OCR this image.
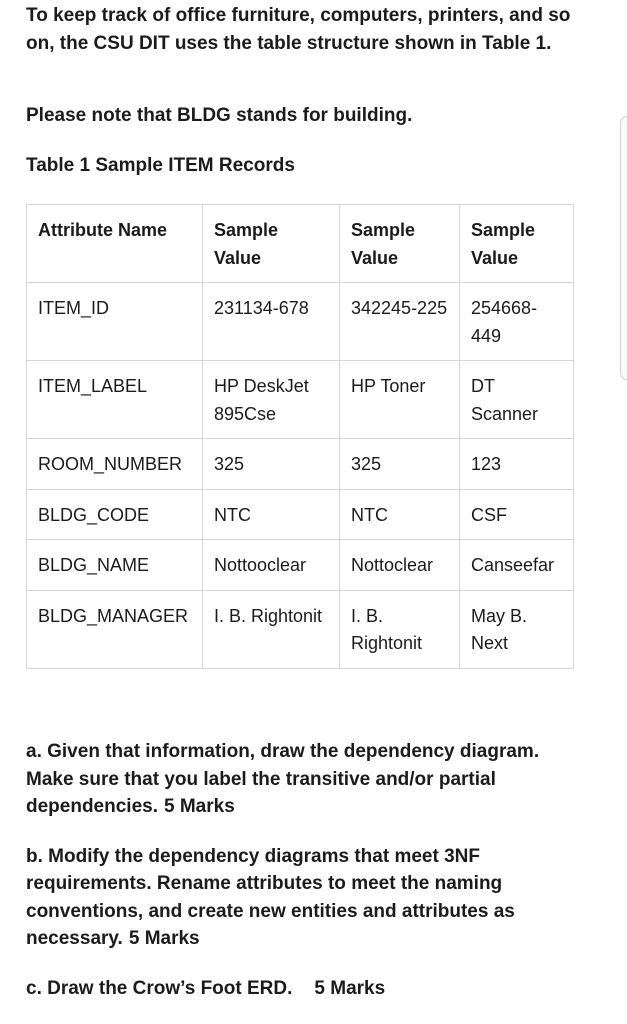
To keep track of office furniture, computers, printers, and so on, the CSU DIT uses the table structure shown in Table 1.

Please note that BLDG stands for building.

Table 1 Sample ITEM Records

Attribute Name	Sample Value	Sample Value	Sample Value
ITEM_ID	231134-678	342245-225	254668-449
ITEM_LABEL	HP DeskJet 895Cse	HP Toner	DT Scanner
ROOM_NUMBER	325	325	123
BLDG_CODE	NTC	NTC	CSF
BLDG_NAME	Nottooclear	Nottoclear	Canseefar
BLDG_MANAGER	I. B. Rightonit	I. B. Rightonit	May B. Next

a. Given that information, draw the dependency diagram. Make sure that you label the transitive and/or partial dependencies. 5 Marks

b. Modify the dependency diagrams that meet 3NF requirements. Rename attributes to meet the naming conventions, and create new entities and attributes as necessary. 5 Marks

c. Draw the Crow’s Foot ERD. 5 Marks
